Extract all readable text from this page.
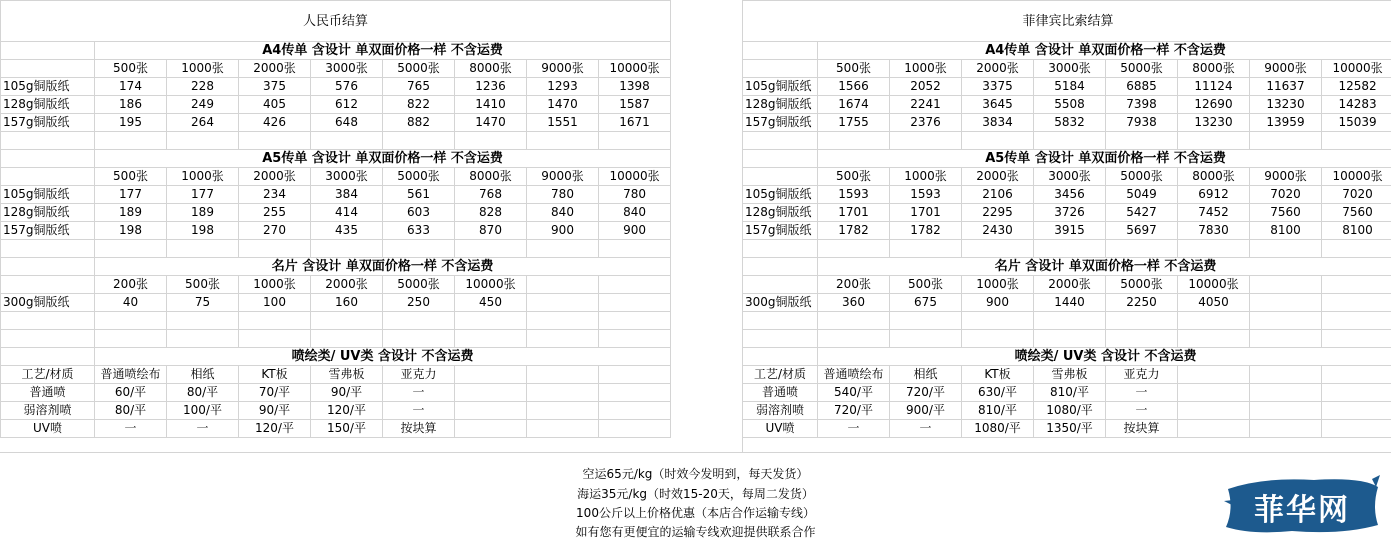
人民币结算								
	A4传单 含设计 单双面价格一样 不含运费							
	500张	1000张	2000张	3000张	5000张	8000张	9000张	10000张
105g铜版纸	174	228	375	576	765	1236	1293	1398
128g铜版纸	186	249	405	612	822	1410	1470	1587
157g铜版纸	195	264	426	648	882	1470	1551	1671

	A5传单 含设计 单双面价格一样 不含运费							
	500张	1000张	2000张	3000张	5000张	8000张	9000张	10000张
105g铜版纸	177	177	234	384	561	768	780	780
128g铜版纸	189	189	255	414	603	828	840	840
157g铜版纸	198	198	270	435	633	870	900	900

	名片 含设计 单双面价格一样 不含运费							
	200张	500张	1000张	2000张	5000张	10000张		
300g铜版纸	40	75	100	160	250	450		

	喷绘类/ UV类 含设计 不含运费							
工艺/材质	普通喷绘布	相纸	KT板	雪弗板	亚克力			
普通喷	60/平	80/平	70/平	90/平	一			
弱溶剂喷	80/平	100/平	90/平	120/平	一			
UV喷	一	一	120/平	150/平	按块算			
菲律宾比索结算								
	A4传单 含设计 单双面价格一样 不含运费							
	500张	1000张	2000张	3000张	5000张	8000张	9000张	10000张
105g铜版纸	1566	2052	3375	5184	6885	11124	11637	12582
128g铜版纸	1674	2241	3645	5508	7398	12690	13230	14283
157g铜版纸	1755	2376	3834	5832	7938	13230	13959	15039

	A5传单 含设计 单双面价格一样 不含运费							
	500张	1000张	2000张	3000张	5000张	8000张	9000张	10000张
105g铜版纸	1593	1593	2106	3456	5049	6912	7020	7020
128g铜版纸	1701	1701	2295	3726	5427	7452	7560	7560
157g铜版纸	1782	1782	2430	3915	5697	7830	8100	8100

	名片 含设计 单双面价格一样 不含运费							
	200张	500张	1000张	2000张	5000张	10000张		
300g铜版纸	360	675	900	1440	2250	4050		

	喷绘类/ UV类 含设计 不含运费							
工艺/材质	普通喷绘布	相纸	KT板	雪弗板	亚克力			
普通喷	540/平	720/平	630/平	810/平	一			
弱溶剂喷	720/平	900/平	810/平	1080/平	一			
UV喷	一	一	1080/平	1350/平	按块算			
空运65元/kg（时效今发明到，每天发货）
海运35元/kg（时效15-20天，每周二发货）
100公斤以上价格优惠（本店合作运输专线）
如有您有更便宜的运输专线欢迎提供联系合作
菲华网
